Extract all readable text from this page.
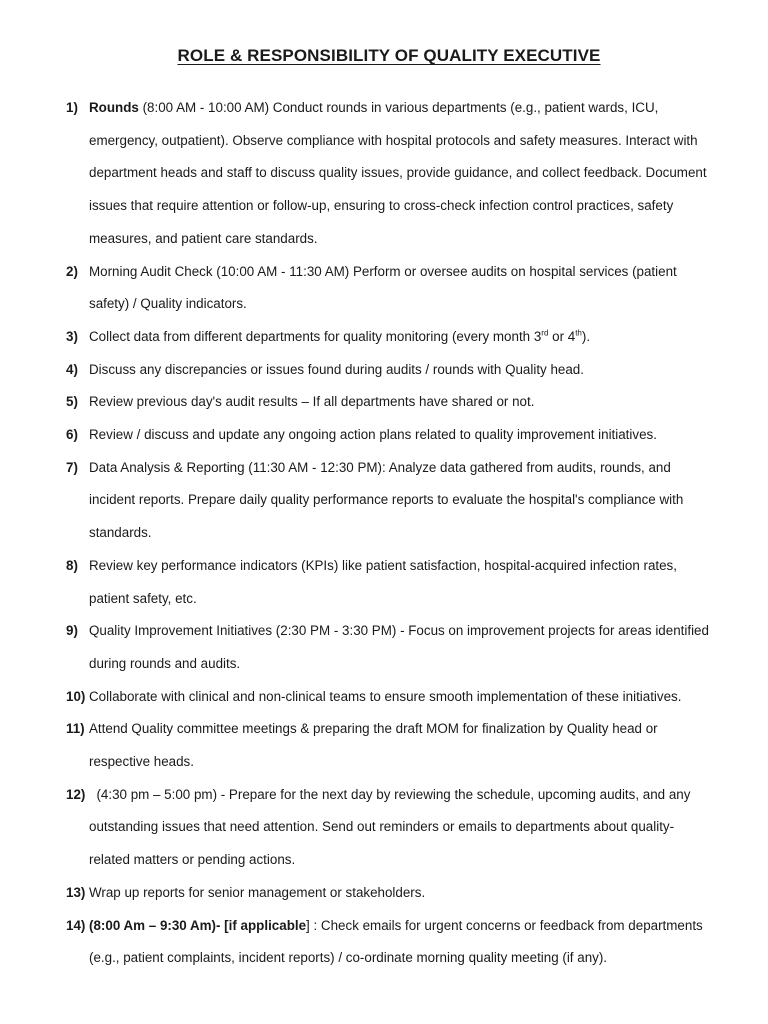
ROLE & RESPONSIBILITY OF QUALITY EXECUTIVE
1) Rounds (8:00 AM - 10:00 AM) Conduct rounds in various departments (e.g., patient wards, ICU, emergency, outpatient). Observe compliance with hospital protocols and safety measures. Interact with department heads and staff to discuss quality issues, provide guidance, and collect feedback. Document issues that require attention or follow-up, ensuring to cross-check infection control practices, safety measures, and patient care standards.
2) Morning Audit Check (10:00 AM - 11:30 AM) Perform or oversee audits on hospital services (patient safety) / Quality indicators.
3) Collect data from different departments for quality monitoring (every month 3rd or 4th).
4) Discuss any discrepancies or issues found during audits / rounds with Quality head.
5) Review previous day's audit results – If all departments have shared or not.
6) Review / discuss and update any ongoing action plans related to quality improvement initiatives.
7) Data Analysis & Reporting (11:30 AM - 12:30 PM): Analyze data gathered from audits, rounds, and incident reports. Prepare daily quality performance reports to evaluate the hospital's compliance with standards.
8) Review key performance indicators (KPIs) like patient satisfaction, hospital-acquired infection rates, patient safety, etc.
9) Quality Improvement Initiatives (2:30 PM - 3:30 PM) - Focus on improvement projects for areas identified during rounds and audits.
10) Collaborate with clinical and non-clinical teams to ensure smooth implementation of these initiatives.
11) Attend Quality committee meetings & preparing the draft MOM for finalization by Quality head or respective heads.
12) (4:30 pm – 5:00 pm) - Prepare for the next day by reviewing the schedule, upcoming audits, and any outstanding issues that need attention. Send out reminders or emails to departments about quality-related matters or pending actions.
13) Wrap up reports for senior management or stakeholders.
14) (8:00 Am – 9:30 Am)- [if applicable] : Check emails for urgent concerns or feedback from departments (e.g., patient complaints, incident reports) / co-ordinate morning quality meeting (if any).
